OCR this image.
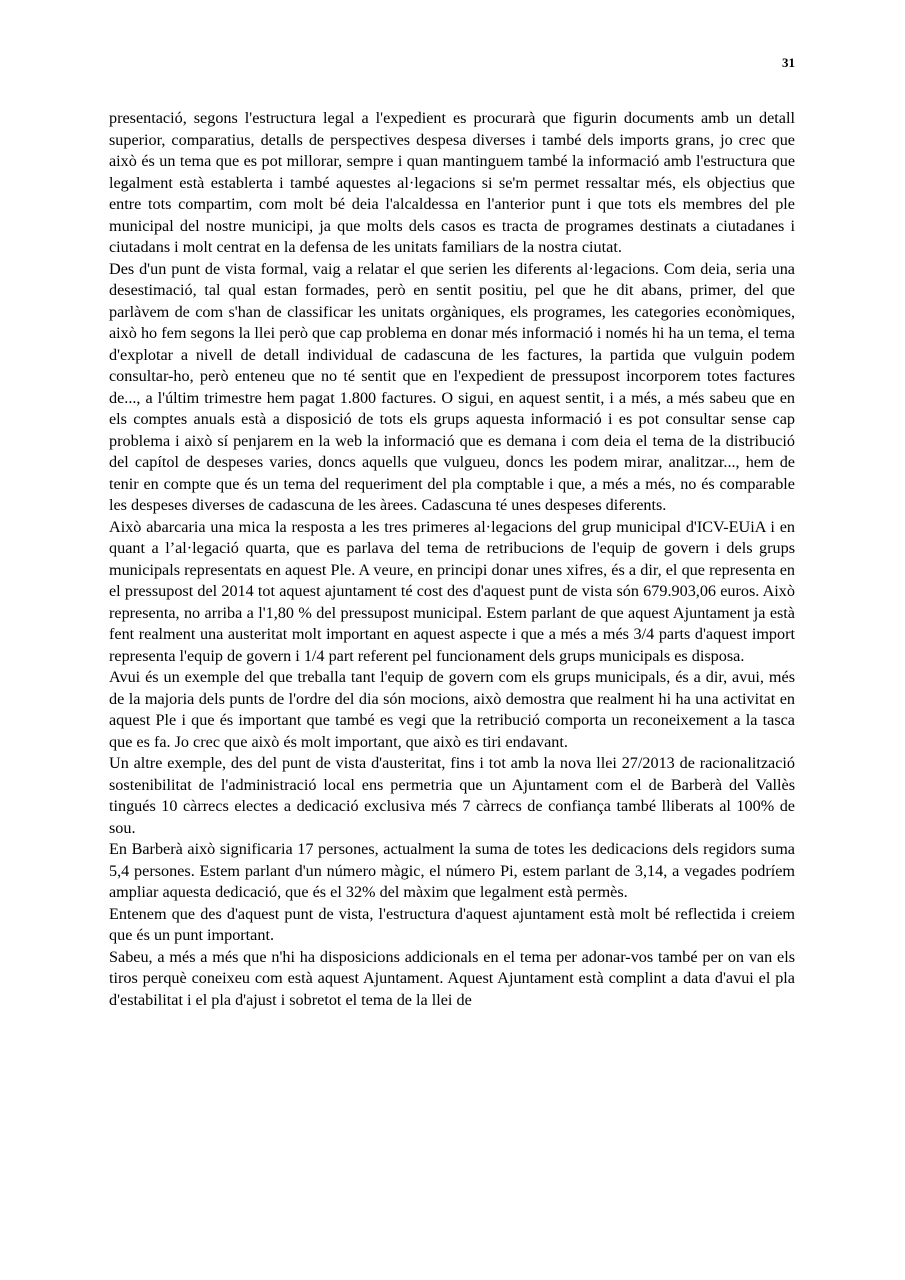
31

presentació, segons l'estructura legal a l'expedient es procurarà que figurin documents amb un detall superior, comparatius, detalls de perspectives despesa diverses i també dels imports grans, jo crec que això és un tema que es pot millorar, sempre i quan mantinguem també la informació amb l'estructura que legalment està establerta i també aquestes al·legacions si se'm permet ressaltar més, els objectius que entre tots compartim, com molt bé deia l'alcaldessa en l'anterior punt i que tots els membres del ple municipal del nostre municipi, ja que molts dels casos es tracta de programes destinats a ciutadanes i ciutadans i molt centrat en la defensa de les unitats familiars de la nostra ciutat.

Des d'un punt de vista formal, vaig a relatar el que serien les diferents al·legacions. Com deia, seria una desestimació, tal qual estan formades, però en sentit positiu, pel que he dit abans, primer, del que parlàvem de com s'han de classificar les unitats orgàniques, els programes, les categories econòmiques, això ho fem segons la llei però que cap problema en donar més informació i només hi ha un tema, el tema d'explotar a nivell de detall individual de cadascuna de les factures, la partida que vulguin podem consultar-ho, però enteneu que no té sentit que en l'expedient de pressupost incorporem totes factures de..., a l'últim trimestre hem pagat 1.800 factures. O sigui, en aquest sentit, i a més, a més sabeu que en els comptes anuals està a disposició de tots els grups aquesta informació i es pot consultar sense cap problema i això sí penjarem en la web la informació que es demana i com deia el tema de la distribució del capítol de despeses varies, doncs aquells que vulgueu, doncs les podem mirar, analitzar..., hem de tenir en compte que és un tema del requeriment del pla comptable i que, a més a més, no és comparable les despeses diverses de cadascuna de les àrees. Cadascuna té unes despeses diferents.

Això abarcaria una mica la resposta a les tres primeres al·legacions del grup municipal d'ICV-EUiA i en quant a l’al·legació quarta, que es parlava del tema de retribucions de l'equip de govern i dels grups municipals representats en aquest Ple. A veure, en principi donar unes xifres, és a dir, el que representa en el pressupost del 2014 tot aquest ajuntament té cost des d'aquest punt de vista són 679.903,06 euros. Això representa, no arriba a l'1,80 % del pressupost municipal. Estem parlant de que aquest Ajuntament ja està fent realment una austeritat molt important en aquest aspecte i que a més a més 3/4 parts d'aquest import representa l'equip de govern i 1/4 part referent pel funcionament dels grups municipals es disposa.

Avui és un exemple del que treballa tant l'equip de govern com els grups municipals, és a dir, avui, més de la majoria dels punts de l'ordre del dia són mocions, això demostra que realment hi ha una activitat en aquest Ple i que és important que també es vegi que la retribució comporta un reconeixement a la tasca que es fa. Jo crec que això és molt important, que això es tiri endavant.

Un altre exemple, des del punt de vista d'austeritat, fins i tot amb la nova llei 27/2013 de racionalització sostenibilitat de l'administració local ens permetria que un Ajuntament com el de Barberà del Vallès tingués 10 càrrecs electes a dedicació exclusiva més 7 càrrecs de confiança també lliberats al 100% de sou.

En Barberà això significaria 17 persones, actualment la suma de totes les dedicacions dels regidors suma 5,4 persones. Estem parlant d'un número màgic, el número Pi, estem parlant de 3,14, a vegades podríem ampliar aquesta dedicació, que és el 32% del màxim que legalment està permès.

Entenem que des d'aquest punt de vista, l'estructura d'aquest ajuntament està molt bé reflectida i creiem que és un punt important.

Sabeu, a més a més que n'hi ha disposicions addicionals en el tema per adonar-vos també per on van els tiros perquè coneixeu com està aquest Ajuntament. Aquest Ajuntament està complint a data d'avui el pla d'estabilitat i el pla d'ajust i sobretot el tema de la llei de
